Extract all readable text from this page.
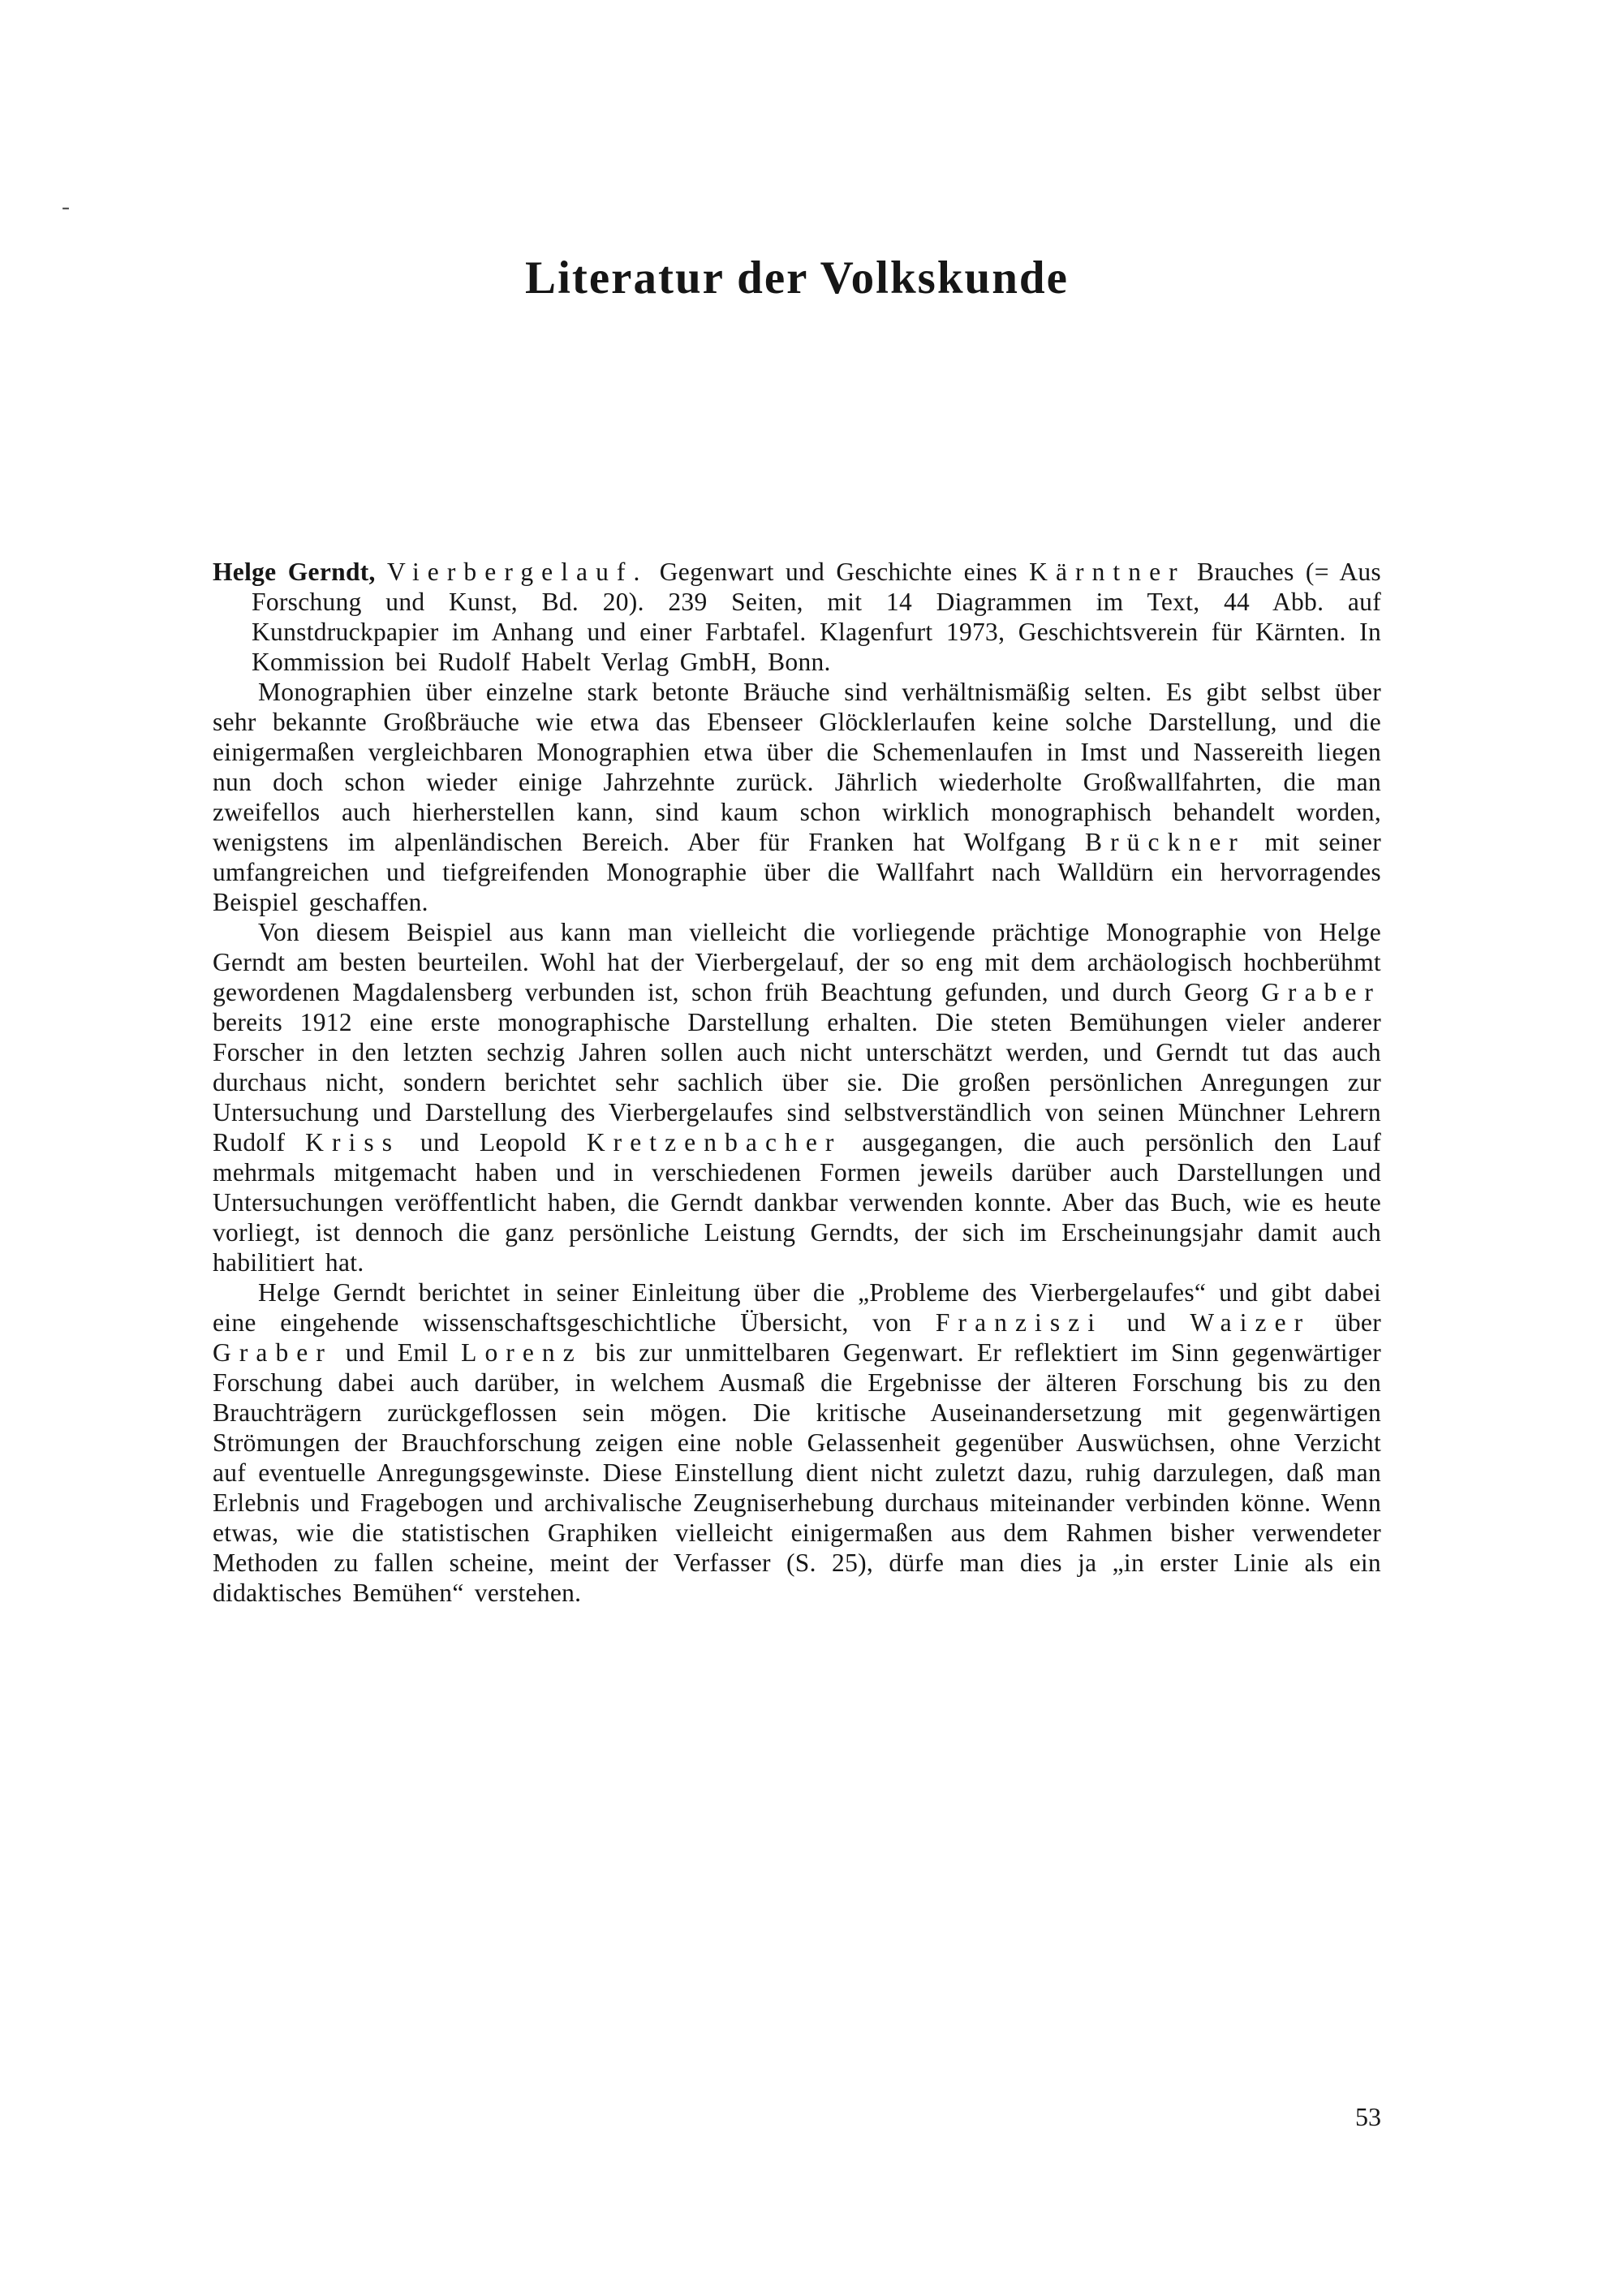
-
Literatur der Volkskunde

Helge Gerndt, Vierbergelauf. Gegenwart und Geschichte eines Kärntner Brauches (= Aus Forschung und Kunst, Bd. 20). 239 Seiten, mit 14 Diagrammen im Text, 44 Abb. auf Kunstdruckpapier im Anhang und einer Farbtafel. Klagenfurt 1973, Geschichtsverein für Kärnten. In Kommission bei Rudolf Habelt Verlag GmbH, Bonn.

Monographien über einzelne stark betonte Bräuche sind verhältnismäßig selten. Es gibt selbst über sehr bekannte Großbräuche wie etwa das Ebenseer Glöcklerlaufen keine solche Darstellung, und die einigermaßen vergleichbaren Monographien etwa über die Schemenlaufen in Imst und Nassereith liegen nun doch schon wieder einige Jahrzehnte zurück. Jährlich wiederholte Großwallfahrten, die man zweifellos auch hierherstellen kann, sind kaum schon wirklich monographisch behandelt worden, wenigstens im alpenländischen Bereich. Aber für Franken hat Wolfgang Brückner mit seiner umfangreichen und tiefgreifenden Monographie über die Wallfahrt nach Walldürn ein hervorragendes Beispiel geschaffen.

Von diesem Beispiel aus kann man vielleicht die vorliegende prächtige Monographie von Helge Gerndt am besten beurteilen. Wohl hat der Vierbergelauf, der so eng mit dem archäologisch hochberühmt gewordenen Magdalensberg verbunden ist, schon früh Beachtung gefunden, und durch Georg Graber bereits 1912 eine erste monographische Darstellung erhalten. Die steten Bemühungen vieler anderer Forscher in den letzten sechzig Jahren sollen auch nicht unterschätzt werden, und Gerndt tut das auch durchaus nicht, sondern berichtet sehr sachlich über sie. Die großen persönlichen Anregungen zur Untersuchung und Darstellung des Vierbergelaufes sind selbstverständlich von seinen Münchner Lehrern Rudolf Kriss und Leopold Kretzenbacher ausgegangen, die auch persönlich den Lauf mehrmals mitgemacht haben und in verschiedenen Formen jeweils darüber auch Darstellungen und Untersuchungen veröffentlicht haben, die Gerndt dankbar verwenden konnte. Aber das Buch, wie es heute vorliegt, ist dennoch die ganz persönliche Leistung Gerndts, der sich im Erscheinungsjahr damit auch habilitiert hat.

Helge Gerndt berichtet in seiner Einleitung über die „Probleme des Vierbergelaufes“ und gibt dabei eine eingehende wissenschaftsgeschichtliche Übersicht, von Franziszi und Waizer über Graber und Emil Lorenz bis zur unmittelbaren Gegenwart. Er reflektiert im Sinn gegenwärtiger Forschung dabei auch darüber, in welchem Ausmaß die Ergebnisse der älteren Forschung bis zu den Brauchträgern zurückgeflossen sein mögen. Die kritische Auseinandersetzung mit gegenwärtigen Strömungen der Brauchforschung zeigen eine noble Gelassenheit gegenüber Auswüchsen, ohne Verzicht auf eventuelle Anregungsgewinste. Diese Einstellung dient nicht zuletzt dazu, ruhig darzulegen, daß man Erlebnis und Fragebogen und archivalische Zeugniserhebung durchaus miteinander verbinden könne. Wenn etwas, wie die statistischen Graphiken vielleicht einigermaßen aus dem Rahmen bisher verwendeter Methoden zu fallen scheine, meint der Verfasser (S. 25), dürfe man dies ja „in erster Linie als ein didaktisches Bemühen“ verstehen.

53
